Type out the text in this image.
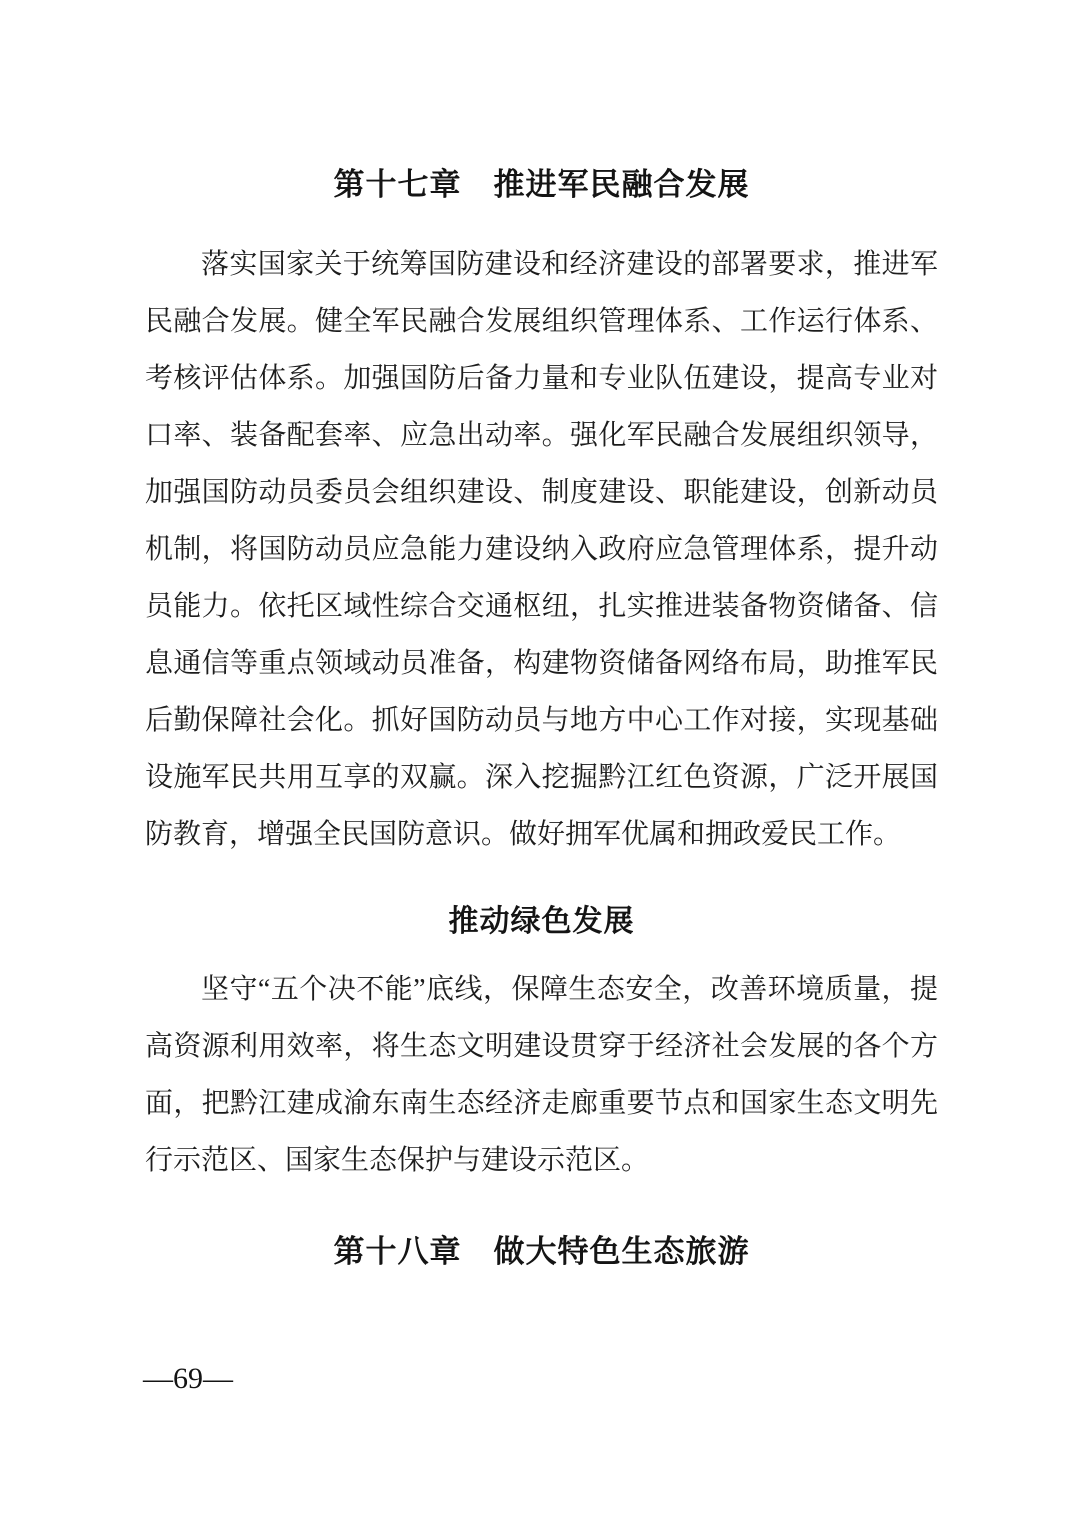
第十七章　推进军民融合发展

落实国家关于统筹国防建设和经济建设的部署要求，推进军民融合发展。健全军民融合发展组织管理体系、工作运行体系、考核评估体系。加强国防后备力量和专业队伍建设，提高专业对口率、装备配套率、应急出动率。强化军民融合发展组织领导，加强国防动员委员会组织建设、制度建设、职能建设，创新动员机制，将国防动员应急能力建设纳入政府应急管理体系，提升动员能力。依托区域性综合交通枢纽，扎实推进装备物资储备、信息通信等重点领域动员准备，构建物资储备网络布局，助推军民后勤保障社会化。抓好国防动员与地方中心工作对接，实现基础设施军民共用互享的双赢。深入挖掘黔江红色资源，广泛开展国防教育，增强全民国防意识。做好拥军优属和拥政爱民工作。

推动绿色发展

坚守“五个决不能”底线，保障生态安全，改善环境质量，提高资源利用效率，将生态文明建设贯穿于经济社会发展的各个方面，把黔江建成渝东南生态经济走廊重要节点和国家生态文明先行示范区、国家生态保护与建设示范区。

第十八章　做大特色生态旅游
—69—
